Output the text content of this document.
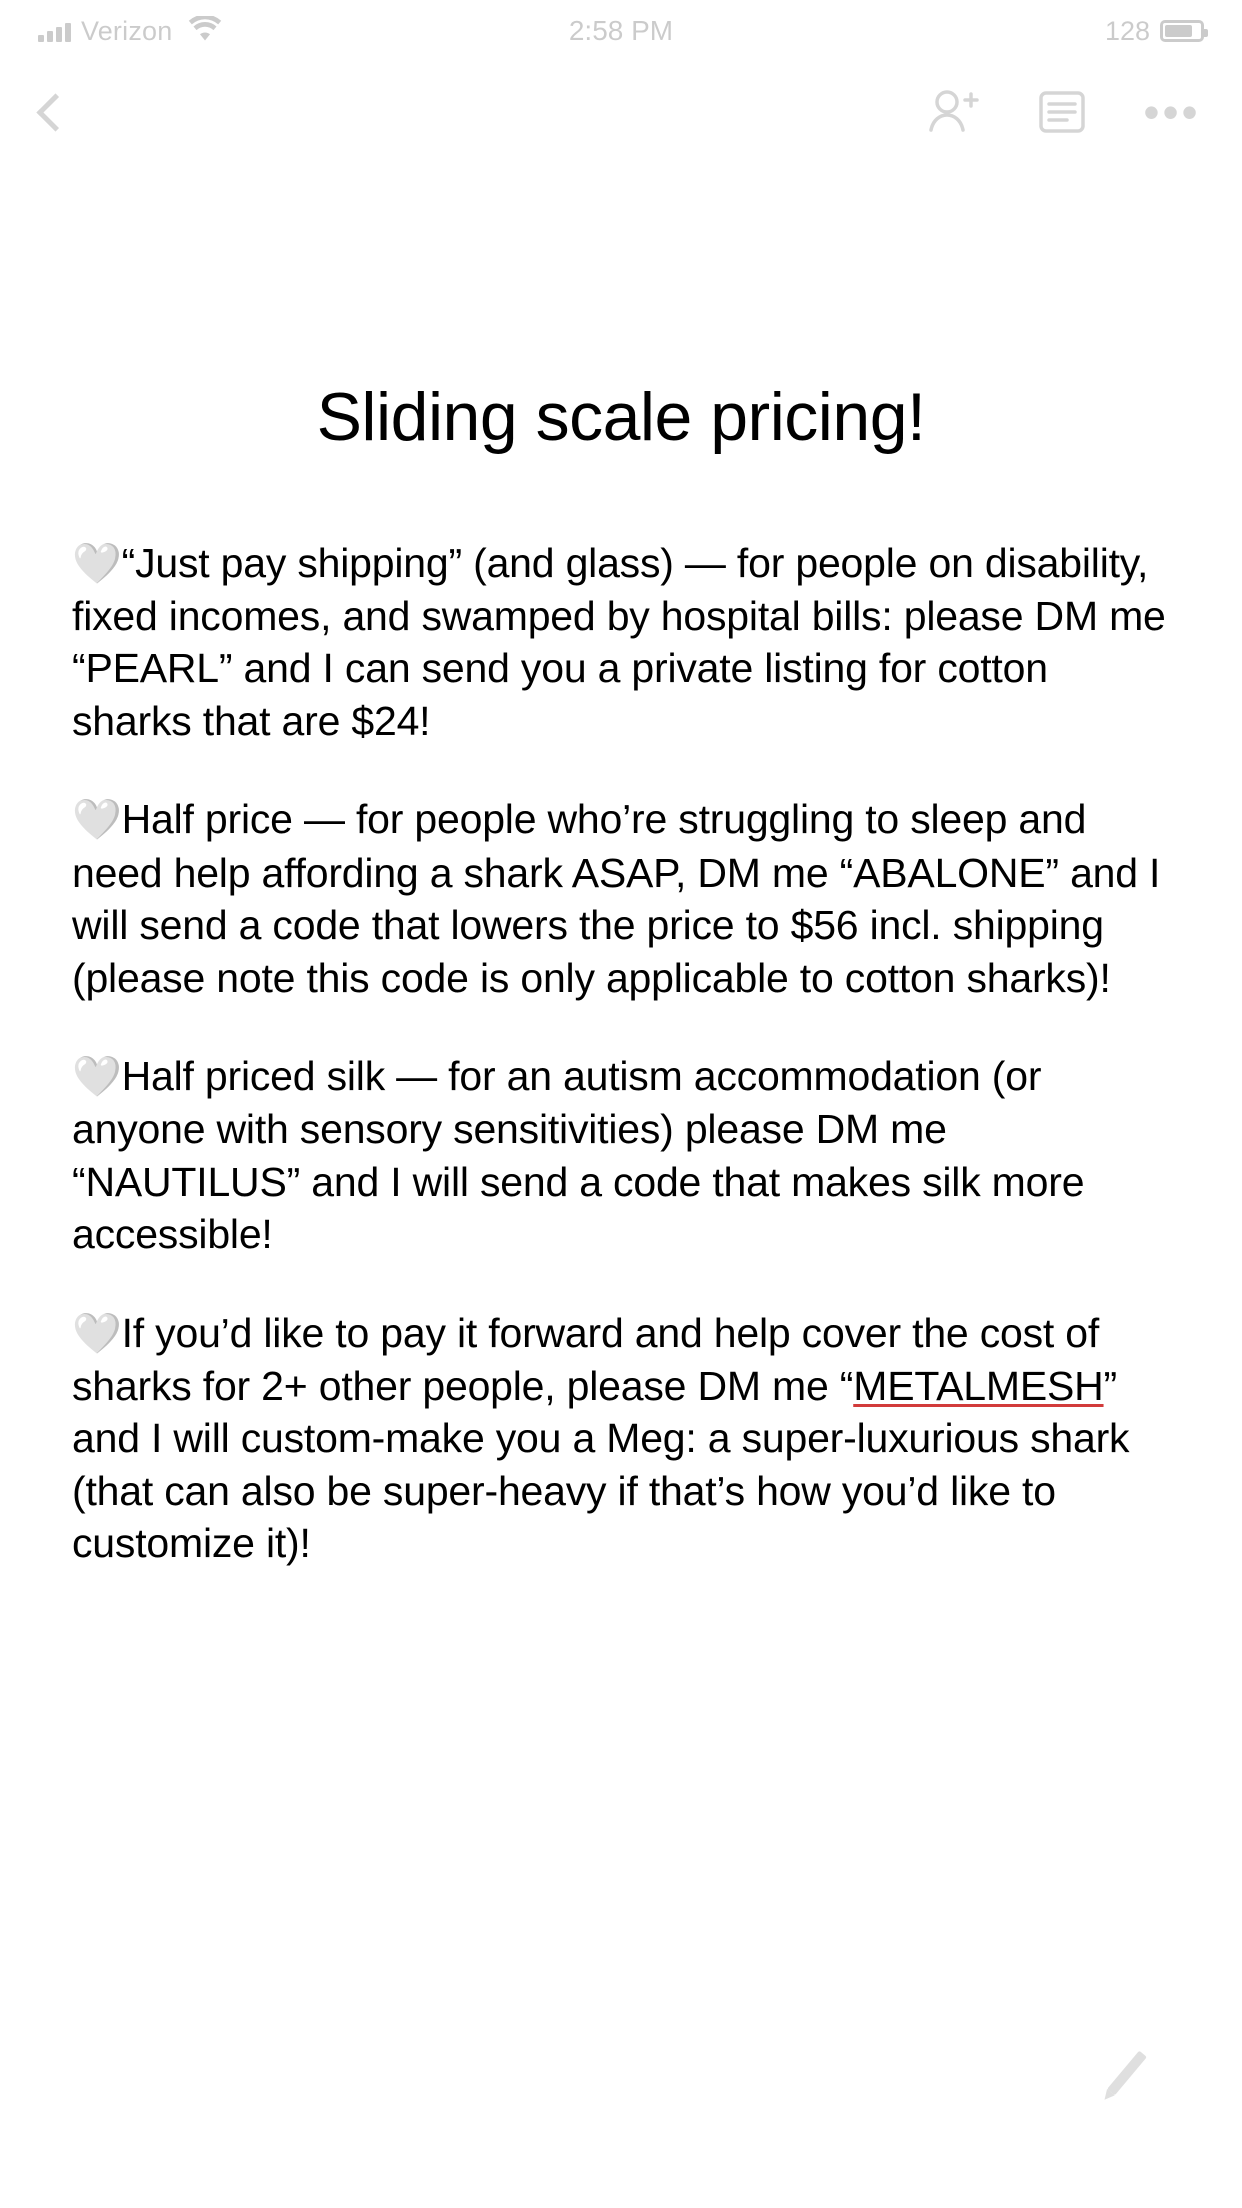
Verizon	2:58 PM	128
•••
Sliding scale pricing!

🤍“Just pay shipping” (and glass) — for people on disability, fixed incomes, and swamped by hospital bills: please DM me “PEARL” and I can send you a private listing for cotton sharks that are $24!

🤍Half price — for people who’re struggling to sleep and need help affording a shark ASAP, DM me “ABALONE” and I will send a code that lowers the price to $56 incl. shipping (please note this code is only applicable to cotton sharks)!

🤍Half priced silk — for an autism accommodation (or anyone with sensory sensitivities) please DM me “NAUTILUS” and I will send a code that makes silk more accessible!

🤍If you’d like to pay it forward and help cover the cost of sharks for 2+ other people, please DM me “METALMESH” and I will custom-make you a Meg: a super-luxurious shark (that can also be super-heavy if that’s how you’d like to customize it)!
